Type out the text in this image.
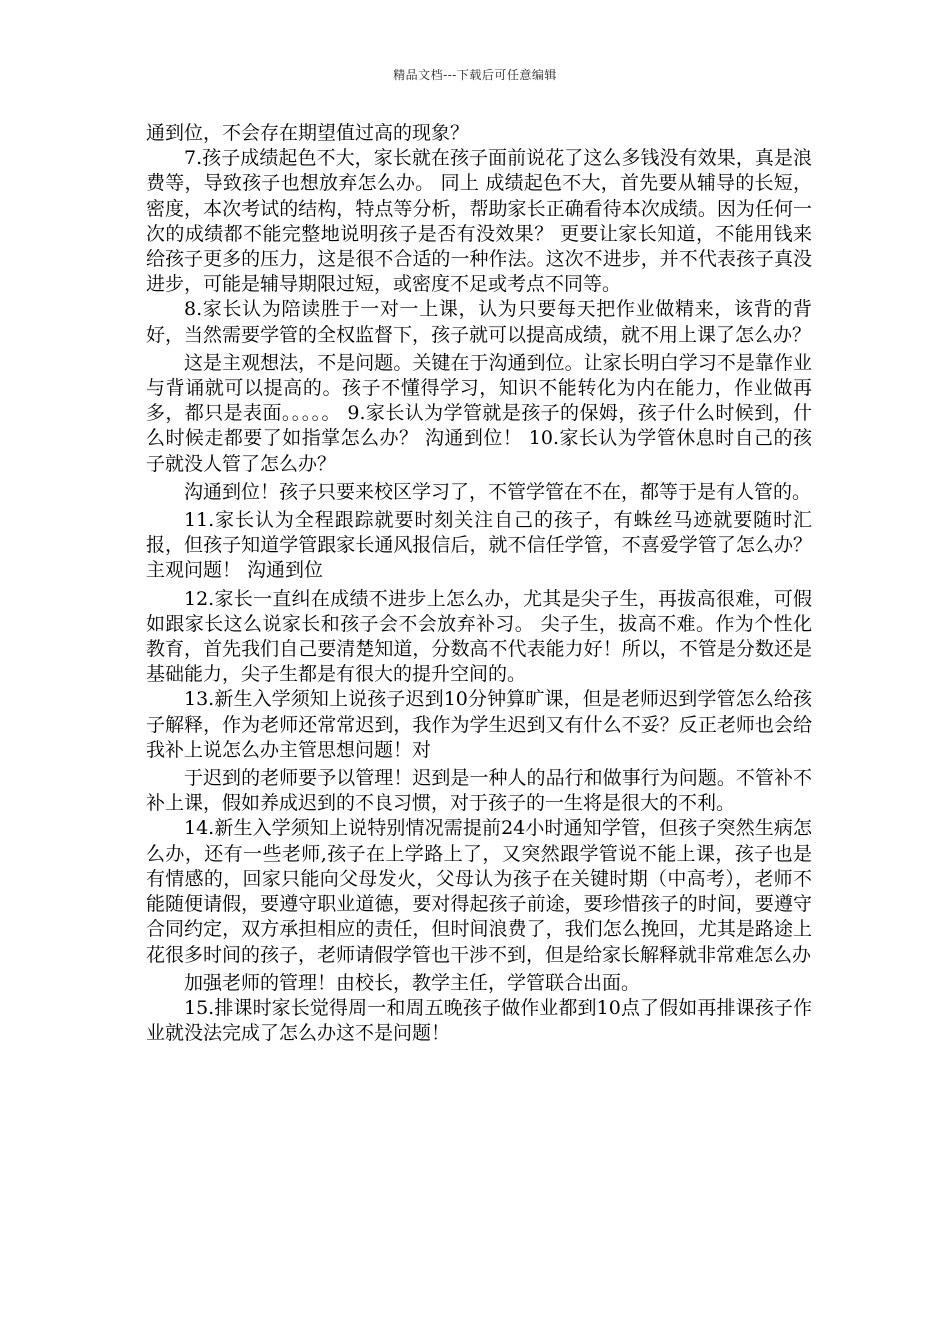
精品文档---下载后可任意编辑

通到位，不会存在期望值过高的现象？

7.孩子成绩起色不大，家长就在孩子面前说花了这么多钱没有效果，真是浪费等，导致孩子也想放弃怎么办。 同上 成绩起色不大，首先要从辅导的长短，密度，本次考试的结构，特点等分析，帮助家长正确看待本次成绩。因为任何一次的成绩都不能完整地说明孩子是否有没效果？ 更要让家长知道，不能用钱来给孩子更多的压力，这是很不合适的一种作法。这次不进步，并不代表孩子真没进步，可能是辅导期限过短，或密度不足或考点不同等。

8.家长认为陪读胜于一对一上课，认为只要每天把作业做精来，该背的背好，当然需要学管的全权监督下，孩子就可以提高成绩，就不用上课了怎么办？

这是主观想法，不是问题。关键在于沟通到位。让家长明白学习不是靠作业与背诵就可以提高的。孩子不懂得学习，知识不能转化为内在能力，作业做再多，都只是表面。。。。。 9.家长认为学管就是孩子的保姆，孩子什么时候到，什么时候走都要了如指掌怎么办？ 沟通到位！ 10.家长认为学管休息时自己的孩子就没人管了怎么办？

沟通到位！孩子只要来校区学习了，不管学管在不在，都等于是有人管的。

11.家长认为全程跟踪就要时刻关注自己的孩子，有蛛丝马迹就要随时汇报，但孩子知道学管跟家长通风报信后，就不信任学管，不喜爱学管了怎么办？ 主观问题！ 沟通到位

12.家长一直纠在成绩不进步上怎么办，尤其是尖子生，再拔高很难，可假如跟家长这么说家长和孩子会不会放弃补习。 尖子生，拔高不难。作为个性化教育，首先我们自己要清楚知道，分数高不代表能力好！所以，不管是分数还是基础能力，尖子生都是有很大的提升空间的。

13.新生入学须知上说孩子迟到10分钟算旷课，但是老师迟到学管怎么给孩子解释，作为老师还常常迟到，我作为学生迟到又有什么不妥？反正老师也会给我补上说怎么办主管思想问题！对

于迟到的老师要予以管理！迟到是一种人的品行和做事行为问题。不管补不补上课，假如养成迟到的不良习惯，对于孩子的一生将是很大的不利。

14.新生入学须知上说特别情况需提前24小时通知学管，但孩子突然生病怎么办，还有一些老师,孩子在上学路上了，又突然跟学管说不能上课，孩子也是有情感的，回家只能向父母发火，父母认为孩子在关键时期（中高考），老师不能随便请假，要遵守职业道德，要对得起孩子前途，要珍惜孩子的时间，要遵守合同约定，双方承担相应的责任，但时间浪费了，我们怎么挽回，尤其是路途上花很多时间的孩子，老师请假学管也干涉不到，但是给家长解释就非常难怎么办

加强老师的管理！由校长，教学主任，学管联合出面。

15.排课时家长觉得周一和周五晚孩子做作业都到10点了假如再排课孩子作业就没法完成了怎么办这不是问题！
